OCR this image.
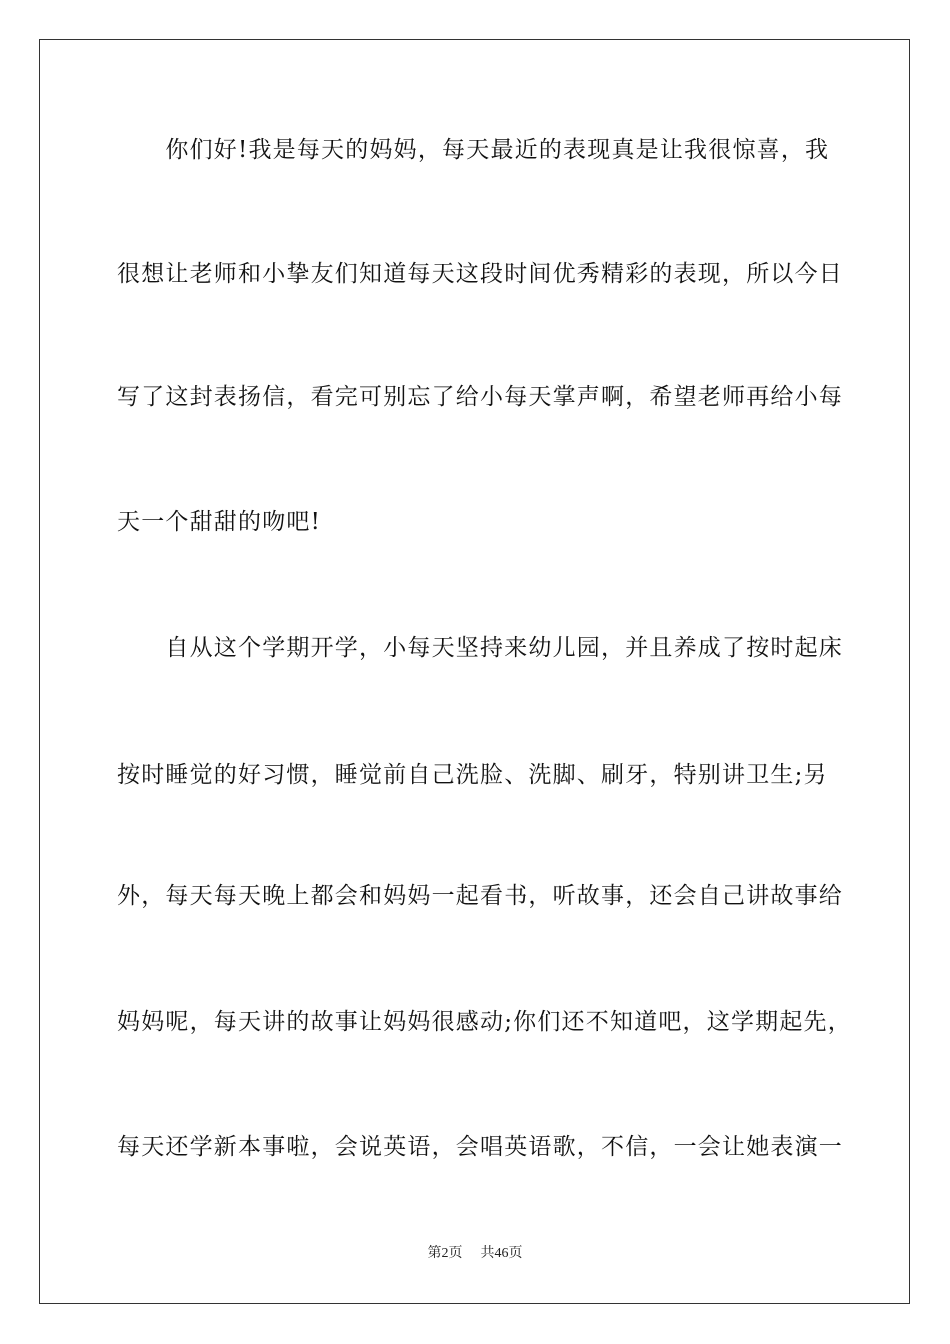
　　你们好!我是每天的妈妈，每天最近的表现真是让我很惊喜，我
很想让老师和小挚友们知道每天这段时间优秀精彩的表现，所以今日
写了这封表扬信，看完可别忘了给小每天掌声啊，希望老师再给小每
天一个甜甜的吻吧!
　　自从这个学期开学，小每天坚持来幼儿园，并且养成了按时起床
按时睡觉的好习惯，睡觉前自己洗脸、洗脚、刷牙，特别讲卫生;另
外，每天每天晚上都会和妈妈一起看书，听故事，还会自己讲故事给
妈妈呢，每天讲的故事让妈妈很感动;你们还不知道吧，这学期起先，
每天还学新本事啦，会说英语，会唱英语歌，不信，一会让她表演一
第2页 共46页
